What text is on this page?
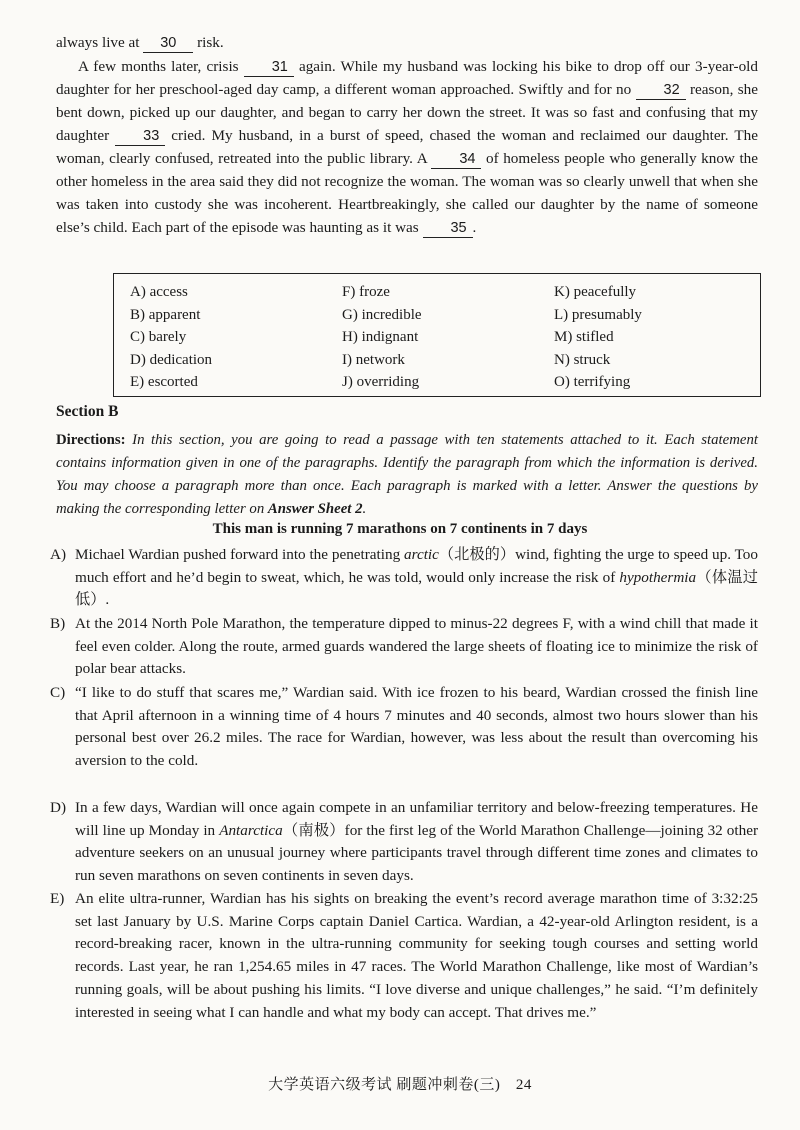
always live at 30 risk.
A few months later, crisis 31 again. While my husband was locking his bike to drop off our 3-year-old daughter for her preschool-aged day camp, a different woman approached. Swiftly and for no 32 reason, she bent down, picked up our daughter, and began to carry her down the street. It was so fast and confusing that my daughter 33 cried. My husband, in a burst of speed, chased the woman and reclaimed our daughter. The woman, clearly confused, retreated into the public library. A 34 of homeless people who generally know the other homeless in the area said they did not recognize the woman. The woman was so clearly unwell that when she was taken into custody she was incoherent. Heartbreakingly, she called our daughter by the name of someone else’s child. Each part of the episode was haunting as it was 35 .
A) access
B) apparent
C) barely
D) dedication
E) escorted
F) froze
G) incredible
H) indignant
I) network
J) overriding
K) peacefully
L) presumably
M) stifled
N) struck
O) terrifying
Section B
Directions: In this section, you are going to read a passage with ten statements attached to it. Each statement contains information given in one of the paragraphs. Identify the paragraph from which the information is derived. You may choose a paragraph more than once. Each paragraph is marked with a letter. Answer the questions by making the corresponding letter on Answer Sheet 2.
This man is running 7 marathons on 7 continents in 7 days
A) Michael Wardian pushed forward into the penetrating arctic（北极的）wind, fighting the urge to speed up. Too much effort and he’d begin to sweat, which, he was told, would only increase the risk of hypothermia（体温过低）.
B) At the 2014 North Pole Marathon, the temperature dipped to minus-22 degrees F, with a wind chill that made it feel even colder. Along the route, armed guards wandered the large sheets of floating ice to minimize the risk of polar bear attacks.
C) “I like to do stuff that scares me,” Wardian said. With ice frozen to his beard, Wardian crossed the finish line that April afternoon in a winning time of 4 hours 7 minutes and 40 seconds, almost two hours slower than his personal best over 26.2 miles. The race for Wardian, however, was less about the result than overcoming his aversion to the cold.
D) In a few days, Wardian will once again compete in an unfamiliar territory and below-freezing temperatures. He will line up Monday in Antarctica（南极）for the first leg of the World Marathon Challenge—joining 32 other adventure seekers on an unusual journey where participants travel through different time zones and climates to run seven marathons on seven continents in seven days.
E) An elite ultra-runner, Wardian has his sights on breaking the event’s record average marathon time of 3:32:25 set last January by U.S. Marine Corps captain Daniel Cartica. Wardian, a 42-year-old Arlington resident, is a record-breaking racer, known in the ultra-running community for seeking tough courses and setting world records. Last year, he ran 1,254.65 miles in 47 races. The World Marathon Challenge, like most of Wardian’s running goals, will be about pushing his limits. “I love diverse and unique challenges,” he said. “I’m definitely interested in seeing what I can handle and what my body can accept. That drives me.”
大学英语六级考试 刷题冲刺卷(三)　24
